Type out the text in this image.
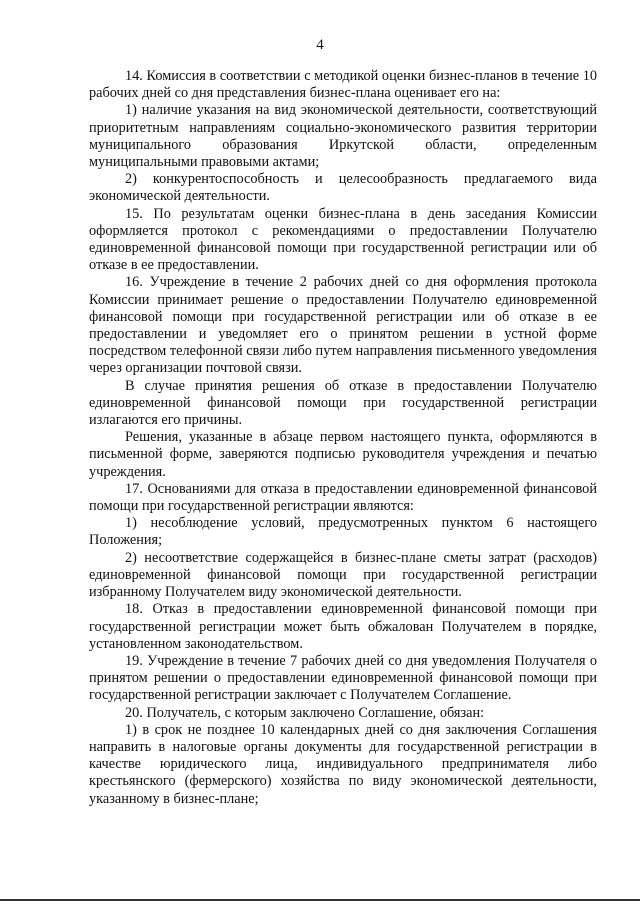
4

14. Комиссия в соответствии с методикой оценки бизнес-планов в течение 10 рабочих дней со дня представления бизнес-плана оценивает его на:

1) наличие указания на вид экономической деятельности, соответствующий приоритетным направлениям социально-экономического развития территории муниципального образования Иркутской области, определенным муниципальными правовыми актами;

2) конкурентоспособность и целесообразность предлагаемого вида экономической деятельности.

15. По результатам оценки бизнес-плана в день заседания Комиссии оформляется протокол с рекомендациями о предоставлении Получателю единовременной финансовой помощи при государственной регистрации или об отказе в ее предоставлении.

16. Учреждение в течение 2 рабочих дней со дня оформления протокола Комиссии принимает решение о предоставлении Получателю единовременной финансовой помощи при государственной регистрации или об отказе в ее предоставлении и уведомляет его о принятом решении в устной форме посредством телефонной связи либо путем направления письменного уведомления через организации почтовой связи.

В случае принятия решения об отказе в предоставлении Получателю единовременной финансовой помощи при государственной регистрации излагаются его причины.

Решения, указанные в абзаце первом настоящего пункта, оформляются в письменной форме, заверяются подписью руководителя учреждения и печатью учреждения.

17. Основаниями для отказа в предоставлении единовременной финансовой помощи при государственной регистрации являются:

1) несоблюдение условий, предусмотренных пунктом 6 настоящего Положения;

2) несоответствие содержащейся в бизнес-плане сметы затрат (расходов) единовременной финансовой помощи при государственной регистрации избранному Получателем виду экономической деятельности.

18. Отказ в предоставлении единовременной финансовой помощи при государственной регистрации может быть обжалован Получателем в порядке, установленном законодательством.

19. Учреждение в течение 7 рабочих дней со дня уведомления Получателя о принятом решении о предоставлении единовременной финансовой помощи при государственной регистрации заключает с Получателем Соглашение.

20. Получатель, с которым заключено Соглашение, обязан:

1) в срок не позднее 10 календарных дней со дня заключения Соглашения направить в налоговые органы документы для государственной регистрации в качестве юридического лица, индивидуального предпринимателя либо крестьянского (фермерского) хозяйства по виду экономической деятельности, указанному в бизнес-плане;
